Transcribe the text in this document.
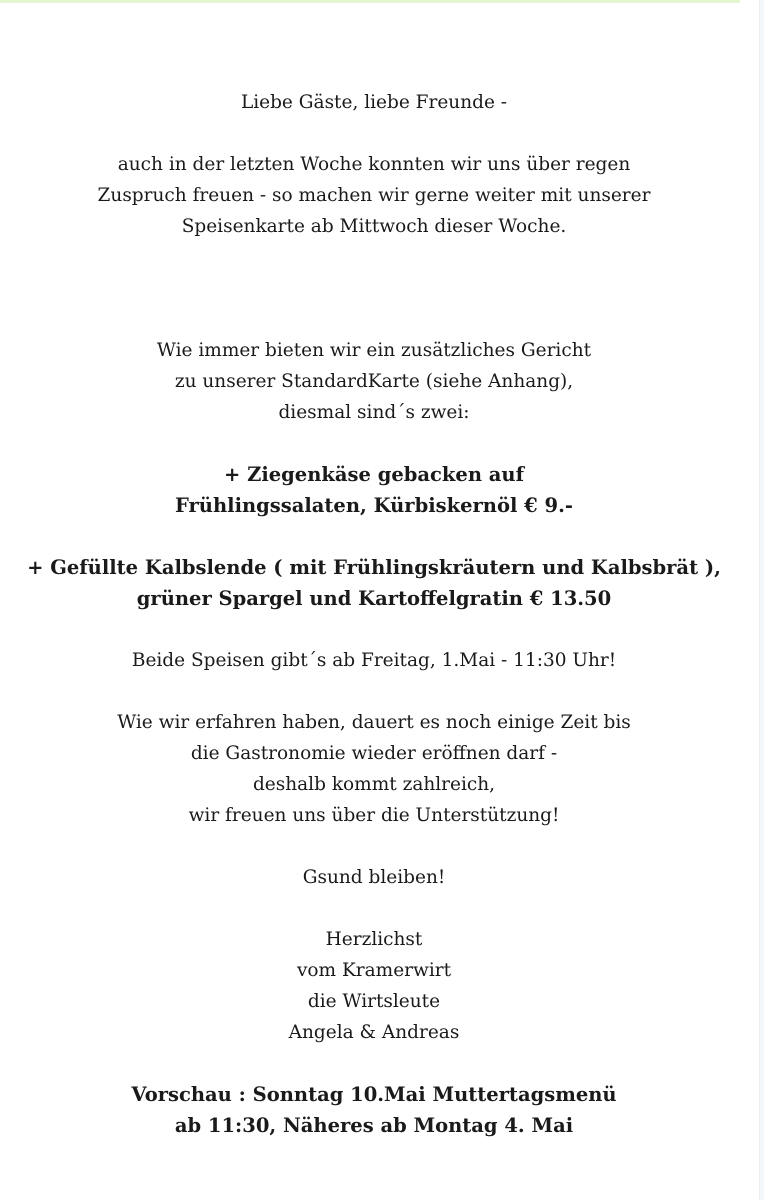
Liebe Gäste, liebe Freunde -

auch in der letzten Woche konnten wir uns über regen

Zuspruch freuen - so machen wir gerne weiter mit unserer

Speisenkarte ab Mittwoch dieser Woche.

Wie immer bieten wir ein zusätzliches Gericht

zu unserer StandardKarte (siehe Anhang),

diesmal sind´s zwei:

+ Ziegenkäse gebacken auf

Frühlingssalaten, Kürbiskernöl € 9.-

+ Gefüllte Kalbslende ( mit Frühlingskräutern und Kalbsbrät ),

grüner Spargel und Kartoffelgratin € 13.50

Beide Speisen gibt´s ab Freitag, 1.Mai - 11:30 Uhr!

Wie wir erfahren haben, dauert es noch einige Zeit bis

die Gastronomie wieder eröffnen darf -

deshalb kommt zahlreich,

wir freuen uns über die Unterstützung!

Gsund bleiben!

Herzlichst

vom Kramerwirt

die Wirtsleute

Angela & Andreas

Vorschau : Sonntag 10.Mai Muttertagsmenü

ab 11:30, Näheres ab Montag 4. Mai
